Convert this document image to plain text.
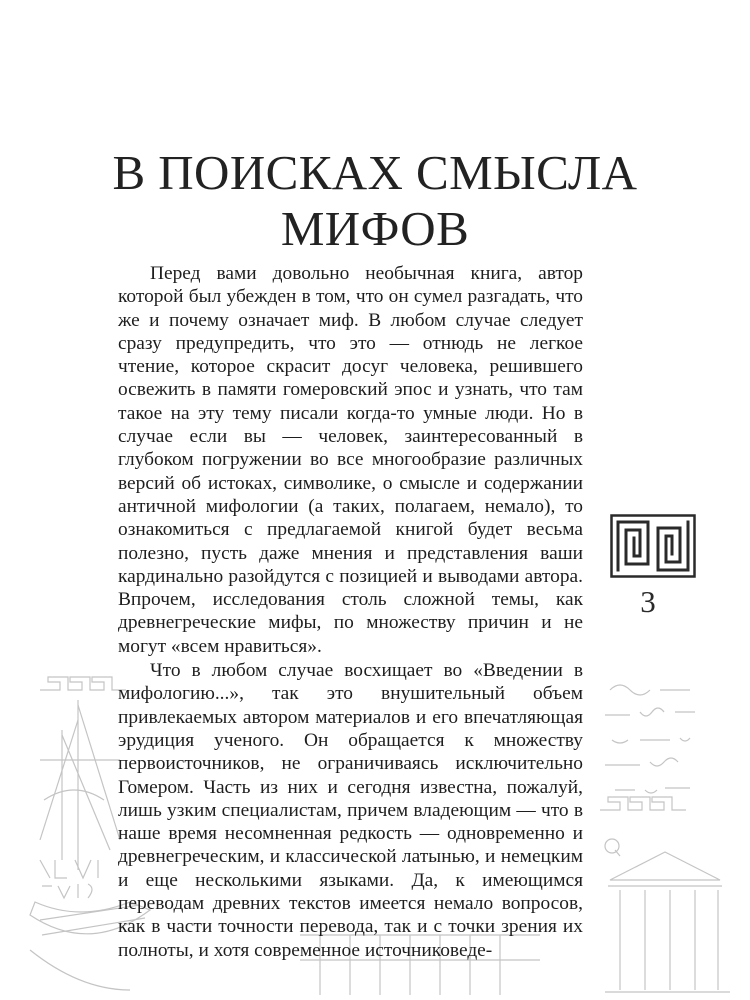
В ПОИСКАХ СМЫСЛА
МИФОВ

Перед вами довольно необычная книга, автор которой был убежден в том, что он сумел разгадать, что же и почему означает миф. В любом случае следует сразу предупредить, что это — отнюдь не легкое чтение, которое скрасит досуг человека, решившего освежить в памяти гомеровский эпос и узнать, что там такое на эту тему писали когда-то умные люди. Но в случае если вы — человек, заинтересованный в глубоком погружении во все многообразие различных версий об истоках, символике, о смысле и содержании античной мифологии (а таких, полагаем, немало), то ознакомиться с предлагаемой книгой будет весьма полезно, пусть даже мнения и представления ваши кардинально разойдутся с позицией и выводами автора. Впрочем, исследования столь сложной темы, как древнегреческие мифы, по множеству причин и не могут «всем нравиться».

Что в любом случае восхищает во «Введении в мифологию...», так это внушительный объем привлекаемых автором материалов и его впечатляющая эрудиция ученого. Он обращается к множеству первоисточников, не ограничиваясь исключительно Гомером. Часть из них и сегодня известна, пожалуй, лишь узким специалистам, причем владеющим — что в наше время несомненная редкость — одновременно и древнегреческим, и классической латынью, и немецким и еще несколькими языками. Да, к имеющимся переводам древних текстов имеется немало вопросов, как в части точности перевода, так и с точки зрения их полноты, и хотя современное источниковеде-

3
